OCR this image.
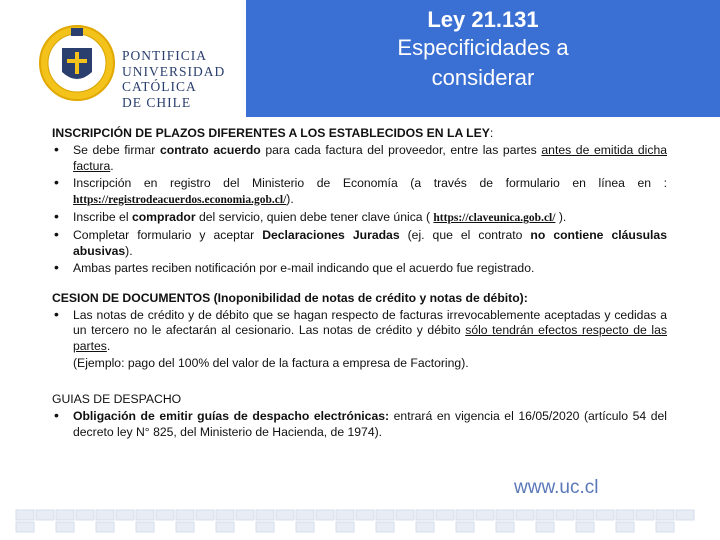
PONTIFICIA
UNIVERSIDAD
CATÓLICA
DE CHILE
Ley 21.131
Especificidades a
considerar

INSCRIPCIÓN DE PLAZOS DIFERENTES A LOS ESTABLECIDOS EN LA LEY:

• Se debe firmar contrato acuerdo para cada factura del proveedor, entre las partes antes de emitida dicha factura.
• Inscripción en registro del Ministerio de Economía (a través de formulario en línea en : https://registrodeacuerdos.economia.gob.cl/).
• Inscribe el comprador del servicio, quien debe tener clave única ( https://claveunica.gob.cl/ ).
• Completar formulario y aceptar Declaraciones Juradas (ej. que el contrato no contiene cláusulas abusivas).
• Ambas partes reciben notificación por e-mail indicando que el acuerdo fue registrado.

CESION DE DOCUMENTOS (Inoponibilidad de notas de crédito y notas de débito):

• Las notas de crédito y de débito que se hagan respecto de facturas irrevocablemente aceptadas y cedidas a un tercero no le afectarán al cesionario. Las notas de crédito y débito sólo tendrán efectos respecto de las partes.
(Ejemplo: pago del 100% del valor de la factura a empresa de Factoring).

GUIAS DE DESPACHO

• Obligación de emitir guías de despacho electrónicas: entrará en vigencia el 16/05/2020 (artículo 54 del decreto ley N° 825, del Ministerio de Hacienda, de 1974).
www.uc.cl
